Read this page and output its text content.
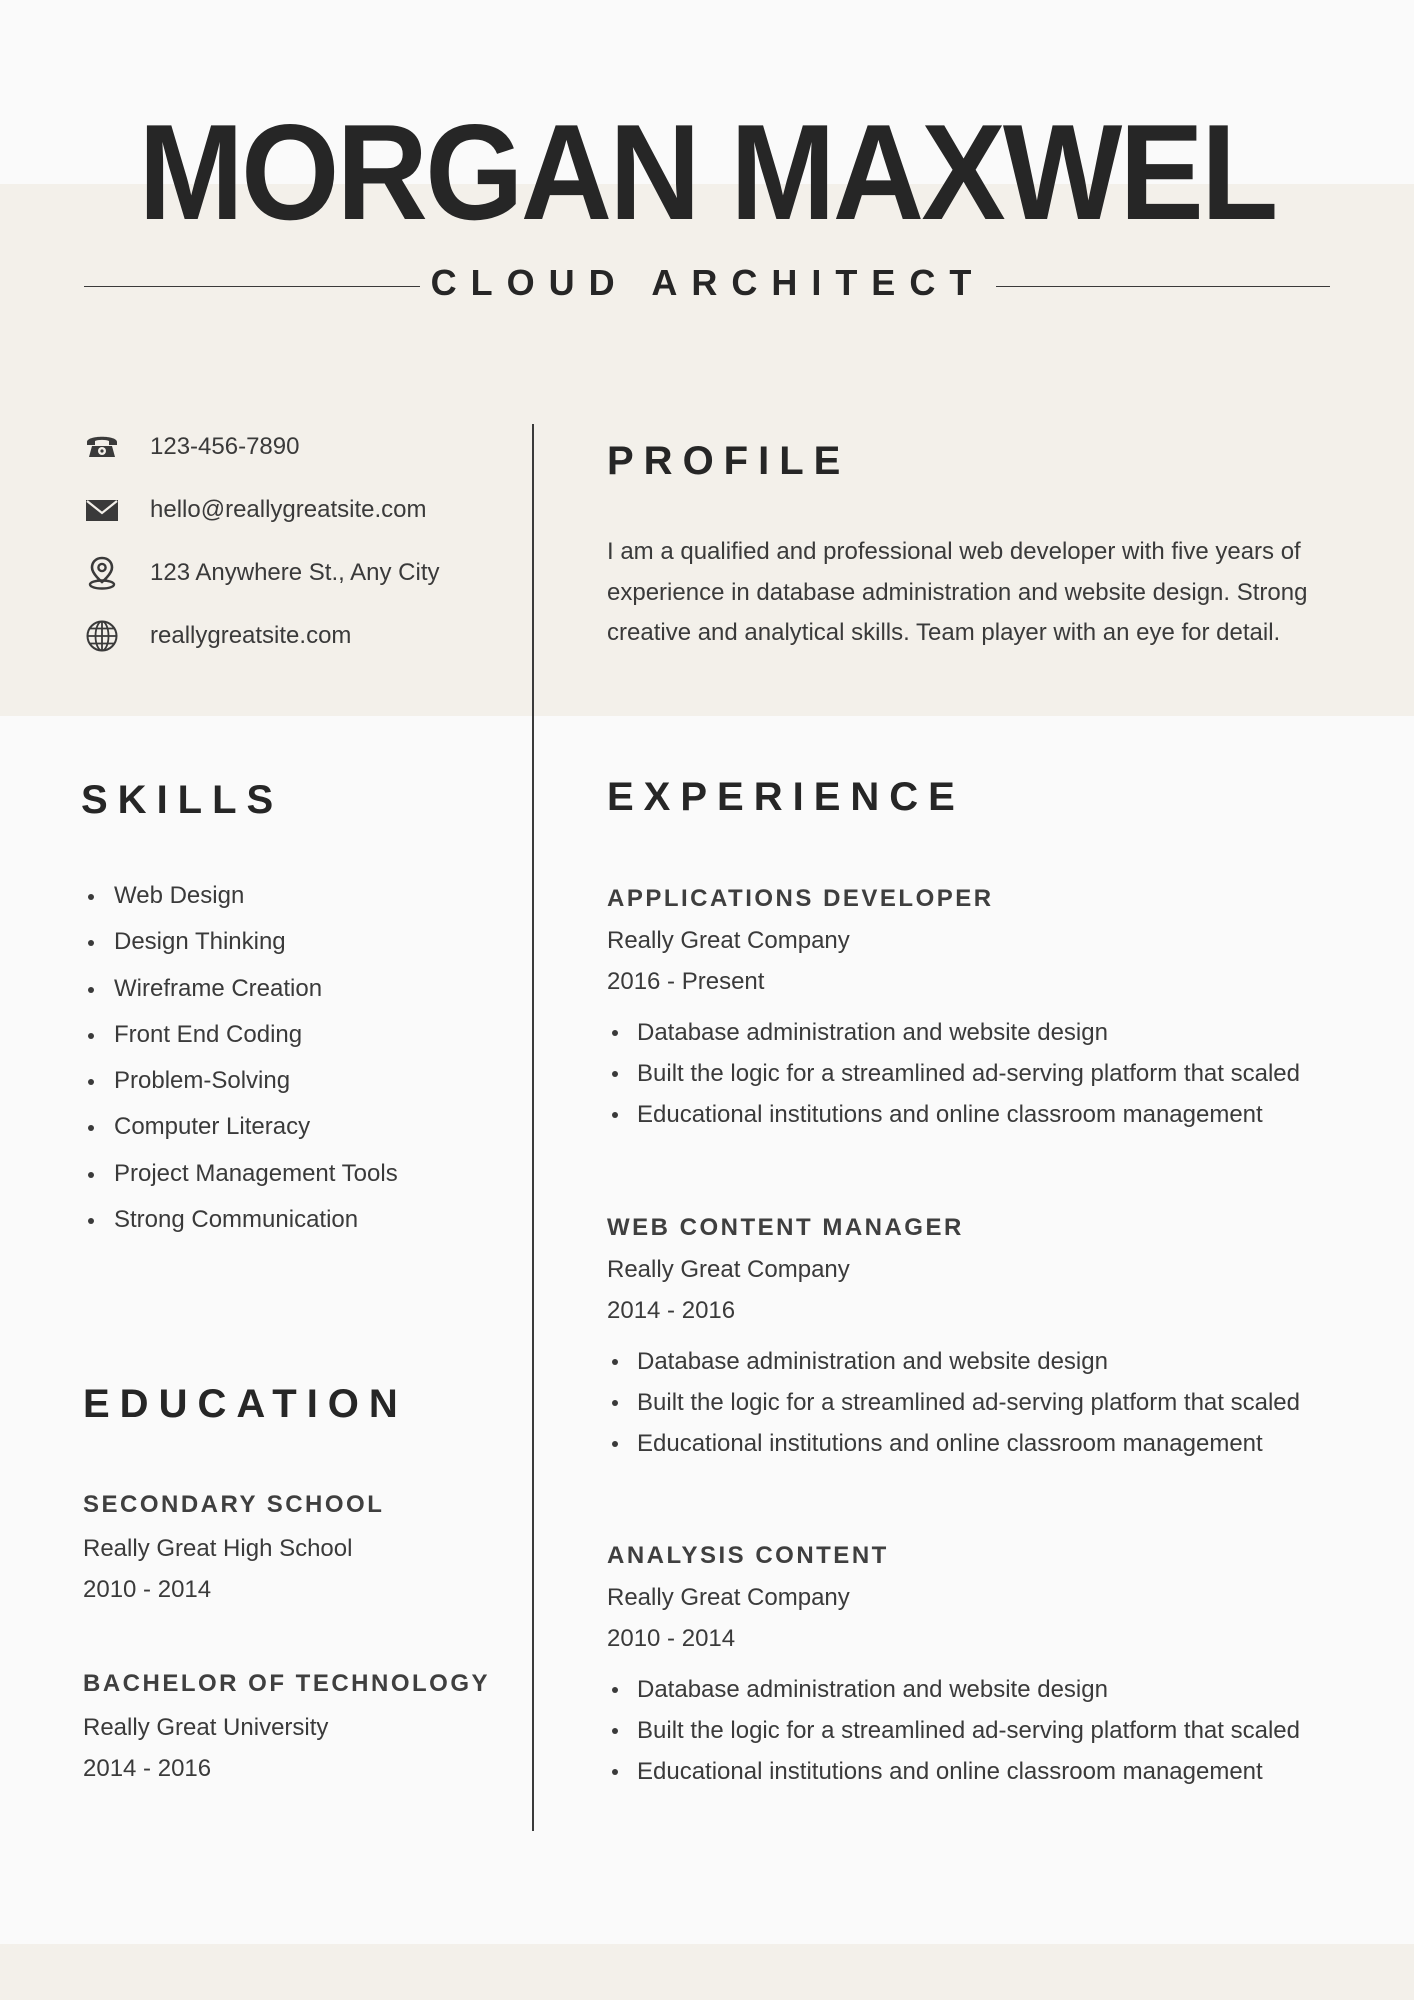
MORGAN MAXWEL
CLOUD ARCHITECT
123-456-7890
hello@reallygreatsite.com
123 Anywhere St., Any City
reallygreatsite.com
PROFILE

I am a qualified and professional web developer with five years of experience in database administration and website design. Strong creative and analytical skills. Team player with an eye for detail.

SKILLS
Web Design
Design Thinking
Wireframe Creation
Front End Coding
Problem-Solving
Computer Literacy
Project Management Tools
Strong Communication
EDUCATION
SECONDARY SCHOOL

Really Great High School

2010 - 2014

BACHELOR OF TECHNOLOGY

Really Great University

2014 - 2016

EXPERIENCE
APPLICATIONS DEVELOPER

Really Great Company

2016 - Present

Database administration and website design
Built the logic for a streamlined ad-serving platform that scaled
Educational institutions and online classroom management
WEB CONTENT MANAGER

Really Great Company

2014 - 2016

Database administration and website design
Built the logic for a streamlined ad-serving platform that scaled
Educational institutions and online classroom management
ANALYSIS CONTENT

Really Great Company

2010 - 2014

Database administration and website design
Built the logic for a streamlined ad-serving platform that scaled
Educational institutions and online classroom management
